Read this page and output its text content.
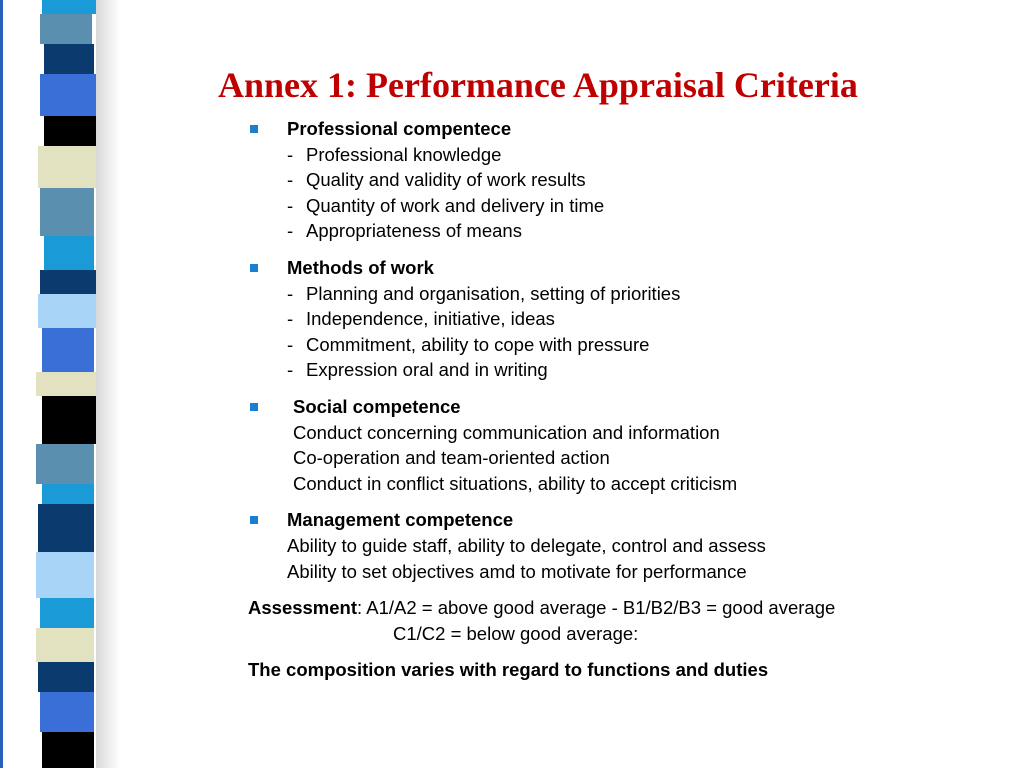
Annex 1: Performance Appraisal Criteria
Professional compentece
- Professional knowledge
- Quality and validity of work results
- Quantity of work and delivery in time
- Appropriateness of means
Methods of work
- Planning and organisation, setting of priorities
- Independence, initiative, ideas
- Commitment, ability to cope with pressure
- Expression oral and in writing
Social competence
Conduct concerning communication and information
Co-operation and team-oriented action
Conduct in conflict situations, ability to accept criticism
Management competence
Ability to guide staff, ability to delegate, control and assess
Ability to set objectives amd to motivate for performance
Assessment: A1/A2 = above good average - B1/B2/B3 = good average
C1/C2 = below good average:
The composition varies with regard to functions and duties
